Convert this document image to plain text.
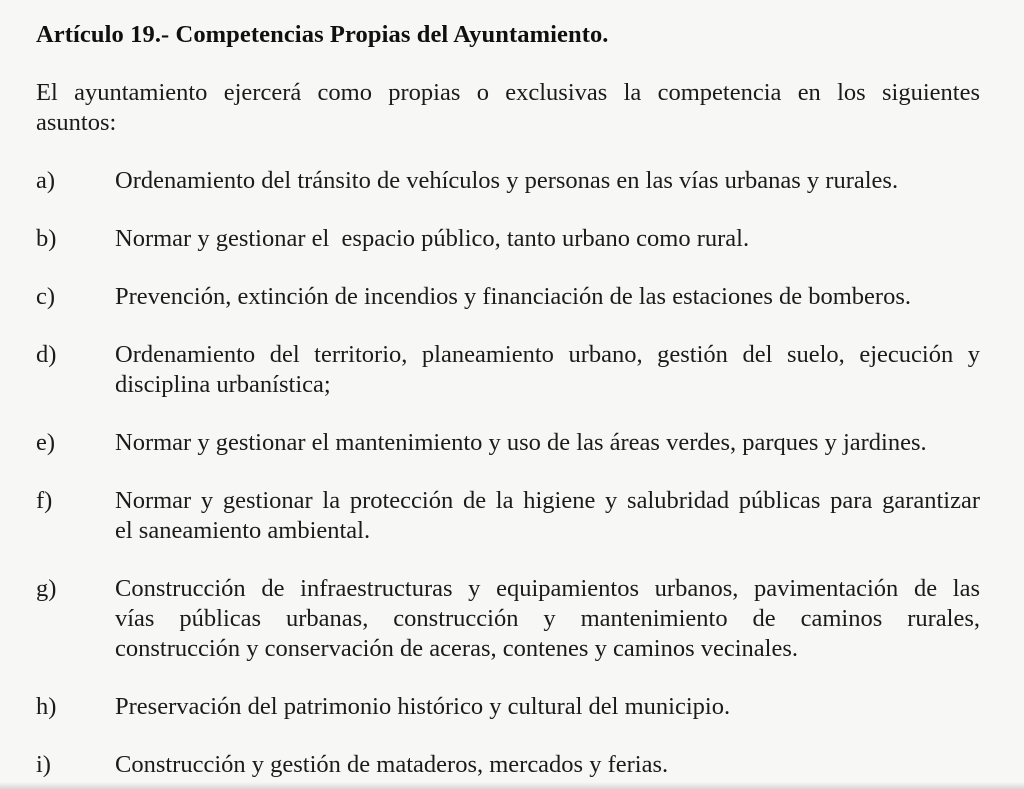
Artículo 19.- Competencias Propias del Ayuntamiento.

El ayuntamiento ejercerá como propias o exclusivas la competencia en los siguientes
asuntos:

a)	Ordenamiento del tránsito de vehículos y personas en las vías urbanas y rurales.
b)	Normar y gestionar el  espacio público, tanto urbano como rural.
c)	Prevención, extinción de incendios y financiación de las estaciones de bomberos.
d)	Ordenamiento del territorio, planeamiento urbano, gestión del suelo, ejecución y
disciplina urbanística;
e)	Normar y gestionar el mantenimiento y uso de las áreas verdes, parques y jardines.
f)	Normar y gestionar la protección de la higiene y salubridad públicas para garantizar
el saneamiento ambiental.
g)	Construcción de infraestructuras y equipamientos urbanos, pavimentación de las
vías públicas urbanas, construcción y mantenimiento de caminos rurales,
construcción y conservación de aceras, contenes y caminos vecinales.
h)	Preservación del patrimonio histórico y cultural del municipio.
i)	Construcción y gestión de mataderos, mercados y ferias.
